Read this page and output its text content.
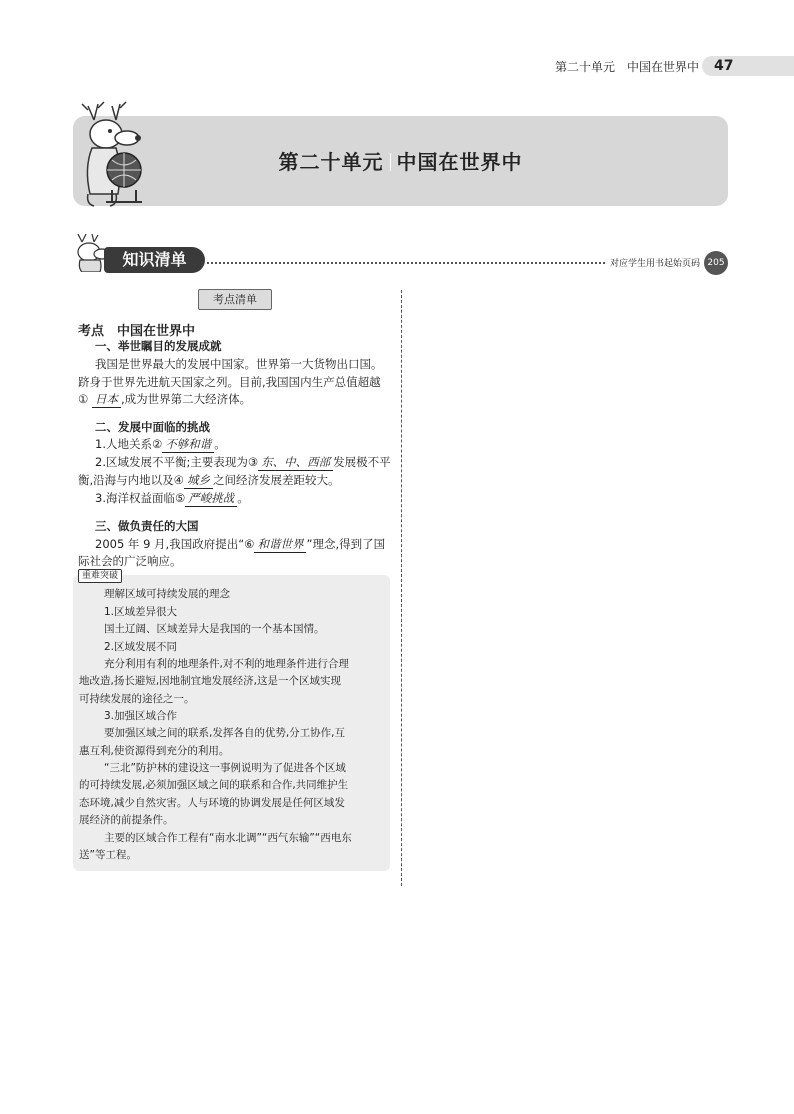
第二十单元　中国在世界中 47
第二十单元 中国在世界中
知识清单	对应学生用书起始页码 205
考点清单
考点　 中国在世界中
一、举世瞩目的发展成就
我国是世界最大的发展中国家。世界第一大货物出口国。
跻身于世界先进航天国家之列。目前,我国国内生产总值超越
① 日本 ,成为世界第二大经济体。
二、发展中面临的挑战
1.人地关系② 不够和谐 。
2.区域发展不平衡;主要表现为③ 东、中、西部 发展极不平
衡,沿海与内地以及④ 城乡 之间经济发展差距较大。
3.海洋权益面临⑤ 严峻挑战 。
三、做负责任的大国
2005 年 9 月,我国政府提出“⑥ 和谐世界 ”理念,得到了国
际社会的广泛响应。
重难突破
理解区域可持续发展的理念
1.区域差异很大
国土辽阔、区域差异大是我国的一个基本国情。
2.区域发展不同
充分利用有利的地理条件,对不利的地理条件进行合理
地改造,扬长避短,因地制宜地发展经济,这是一个区域实现
可持续发展的途径之一。
3.加强区域合作
要加强区域之间的联系,发挥各自的优势,分工协作,互
惠互利,使资源得到充分的利用。
“三北”防护林的建设这一事例说明为了促进各个区域
的可持续发展,必须加强区域之间的联系和合作,共同维护生
态环境,减少自然灾害。人与环境的协调发展是任何区域发
展经济的前提条件。
主要的区域合作工程有“南水北调”“西气东输”“西电东
送”等工程。
